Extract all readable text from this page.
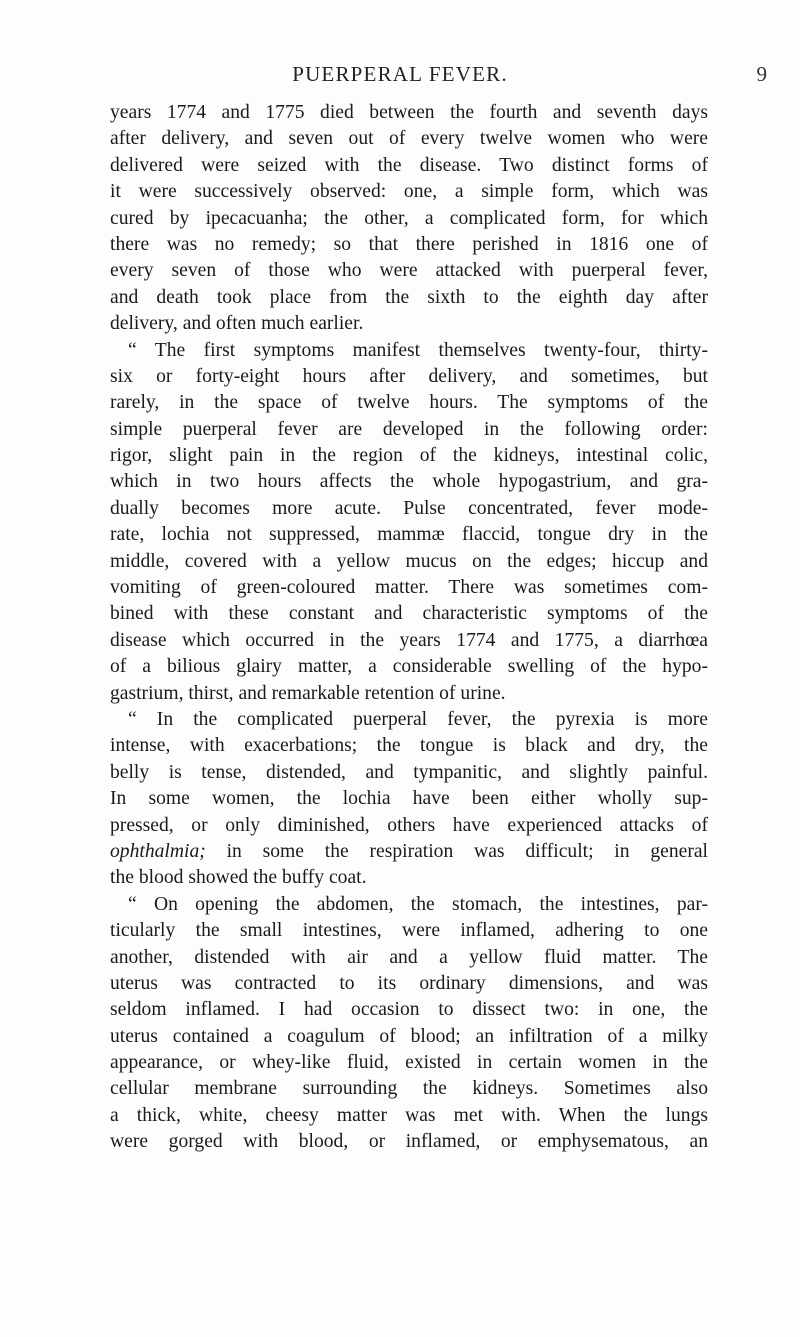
PUERPERAL FEVER.	9
years 1774 and 1775 died between the fourth and seventh days
after delivery, and seven out of every twelve women who were
delivered were seized with the disease. Two distinct forms of
it were successively observed: one, a simple form, which was
cured by ipecacuanha; the other, a complicated form, for which
there was no remedy; so that there perished in 1816 one of
every seven of those who were attacked with puerperal fever,
and death took place from the sixth to the eighth day after
delivery, and often much earlier.
“ The first symptoms manifest themselves twenty-four, thirty-
six or forty-eight hours after delivery, and sometimes, but
rarely, in the space of twelve hours. The symptoms of the
simple puerperal fever are developed in the following order:
rigor, slight pain in the region of the kidneys, intestinal colic,
which in two hours affects the whole hypogastrium, and gra-
dually becomes more acute. Pulse concentrated, fever mode-
rate, lochia not suppressed, mammæ flaccid, tongue dry in the
middle, covered with a yellow mucus on the edges; hiccup and
vomiting of green-coloured matter. There was sometimes com-
bined with these constant and characteristic symptoms of the
disease which occurred in the years 1774 and 1775, a diarrhœa
of a bilious glairy matter, a considerable swelling of the hypo-
gastrium, thirst, and remarkable retention of urine.
“ In the complicated puerperal fever, the pyrexia is more
intense, with exacerbations; the tongue is black and dry, the
belly is tense, distended, and tympanitic, and slightly painful.
In some women, the lochia have been either wholly sup-
pressed, or only diminished, others have experienced attacks of
ophthalmia; in some the respiration was difficult; in general
the blood showed the buffy coat.
“ On opening the abdomen, the stomach, the intestines, par-
ticularly the small intestines, were inflamed, adhering to one
another, distended with air and a yellow fluid matter. The
uterus was contracted to its ordinary dimensions, and was
seldom inflamed. I had occasion to dissect two: in one, the
uterus contained a coagulum of blood; an infiltration of a milky
appearance, or whey-like fluid, existed in certain women in the
cellular membrane surrounding the kidneys. Sometimes also
a thick, white, cheesy matter was met with. When the lungs
were gorged with blood, or inflamed, or emphysematous, an
